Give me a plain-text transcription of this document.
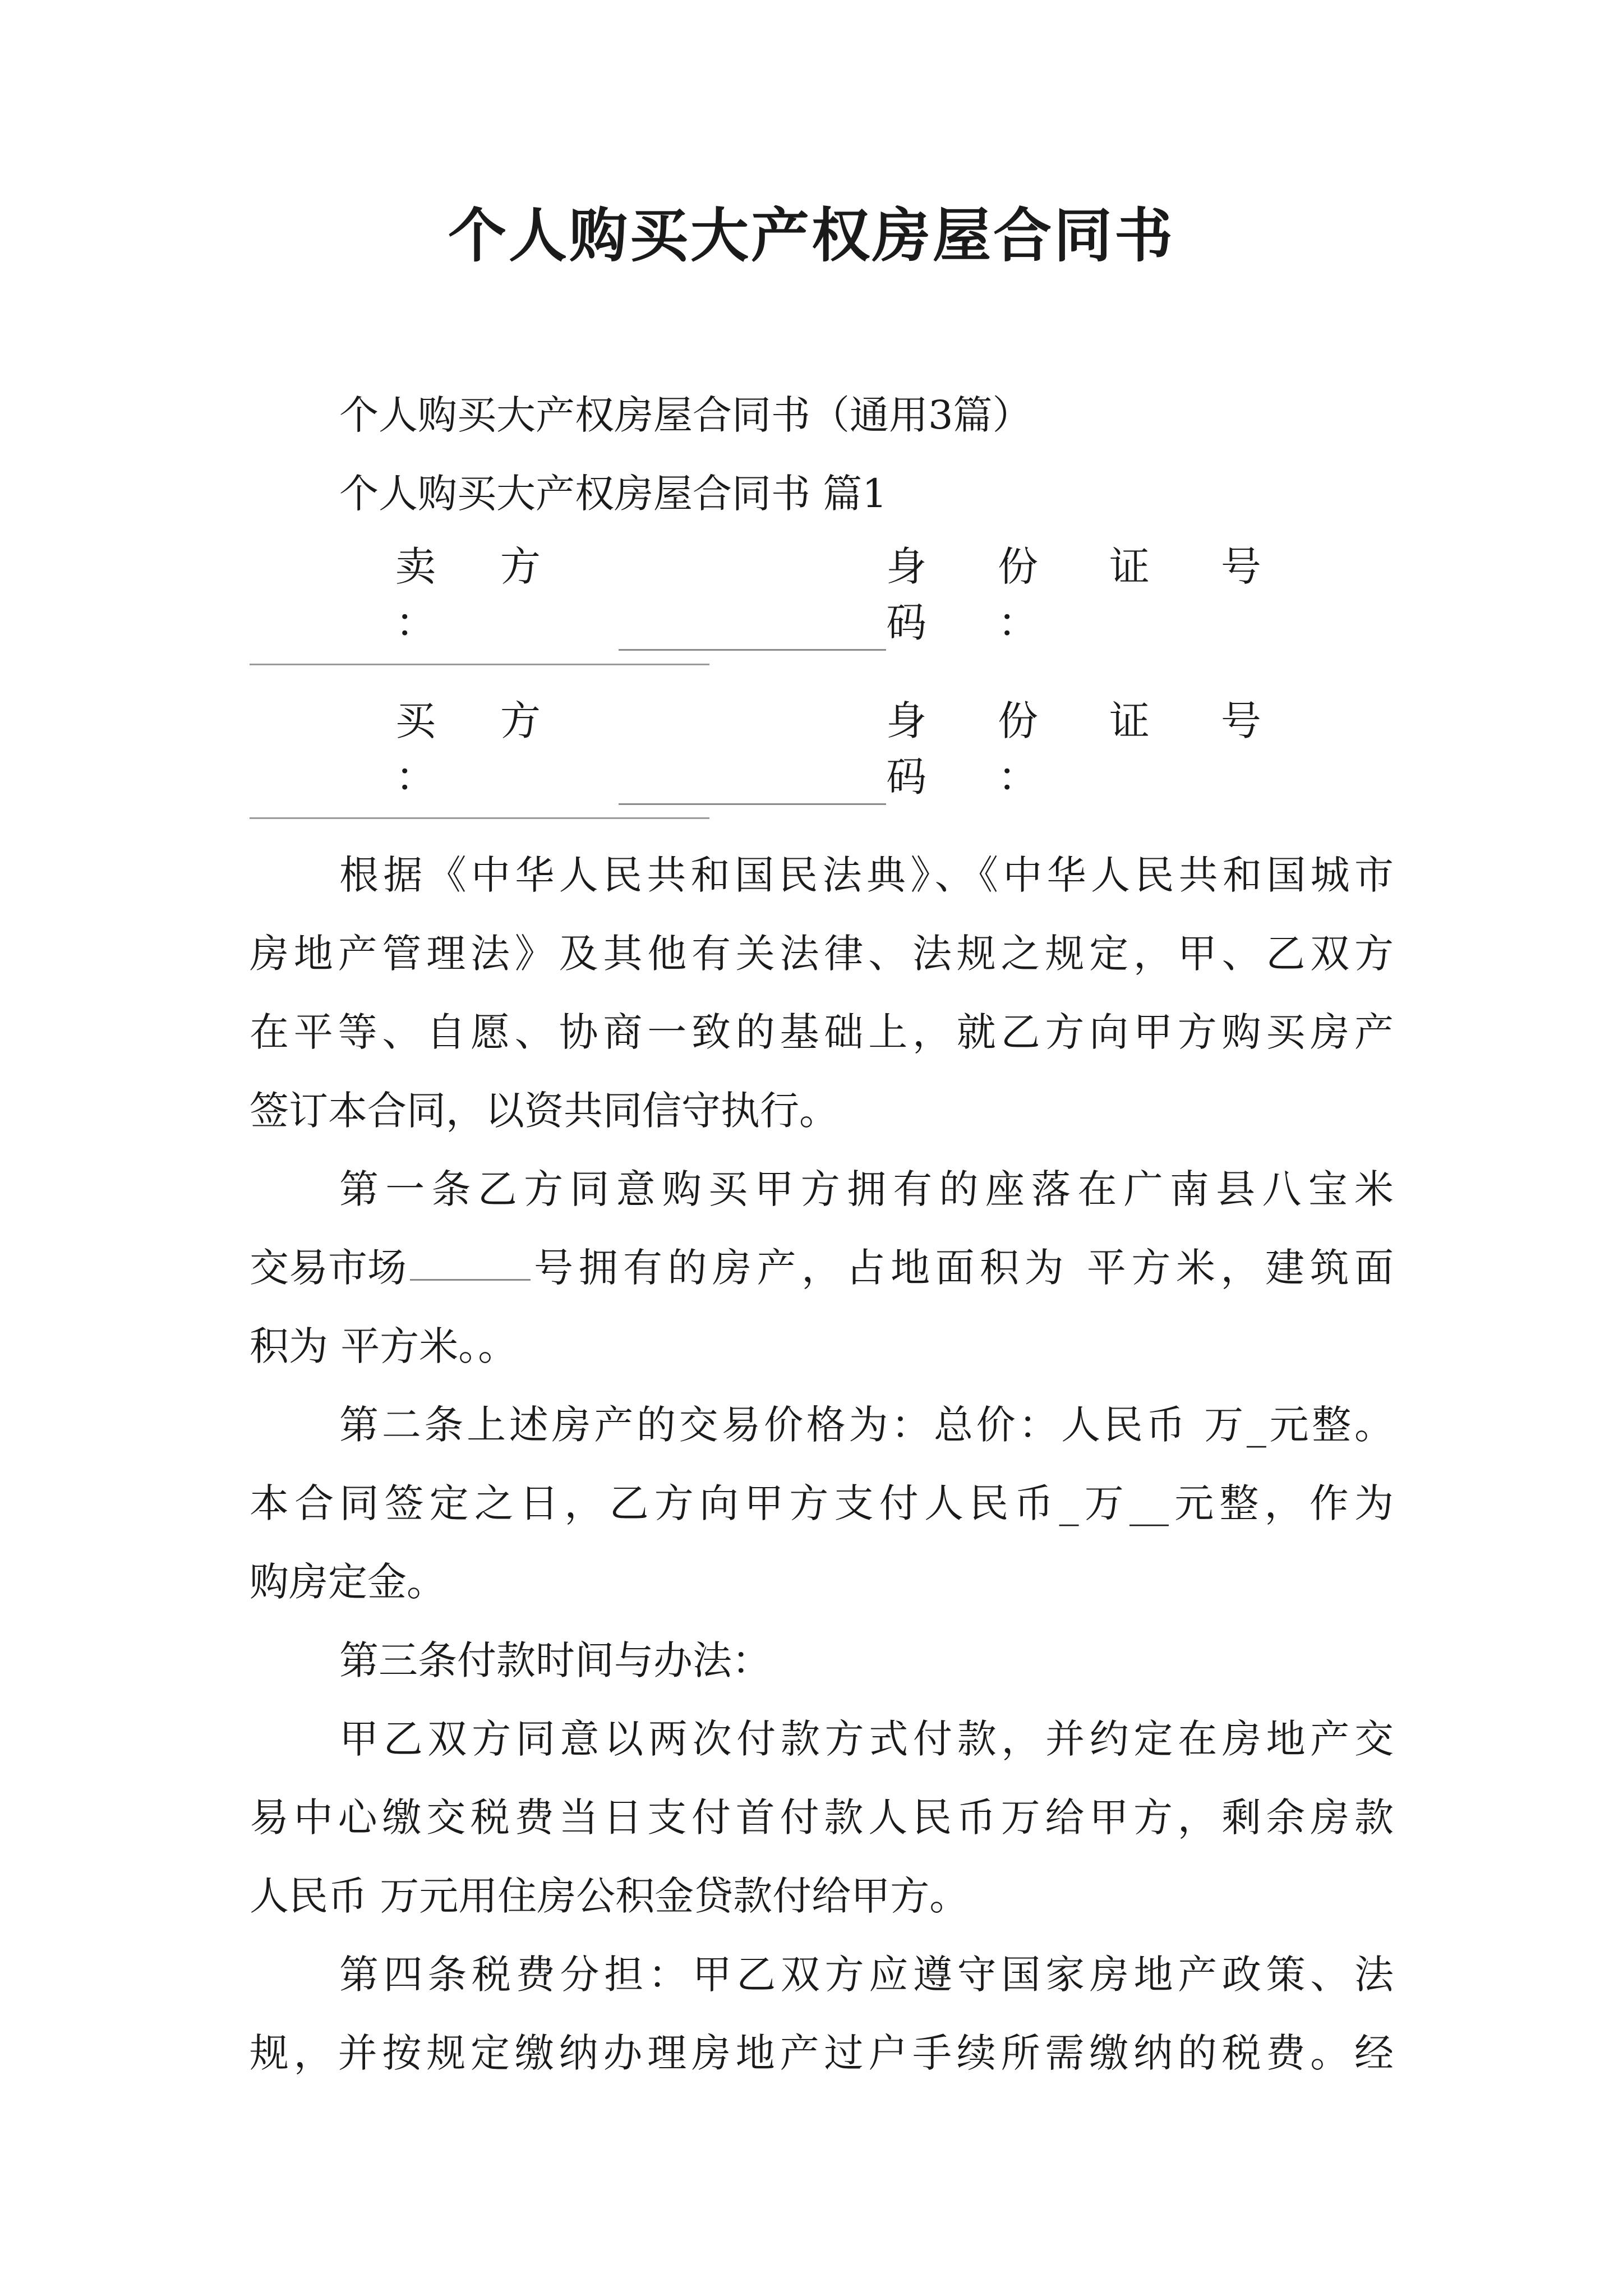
个人购买大产权房屋合同书
个人购买大产权房屋合同书（通用3篇）
个人购买大产权房屋合同书 篇1
卖 方 ：
身 份 证 号 码 ：
买 方 ：
身 份 证 号 码 ：
根据《中华人民共和国民法典》、《中华人民共和国城市
房地产管理法》及其他有关法律、法规之规定，甲、乙双方
在平等、自愿、协商一致的基础上，就乙方向甲方购买房产
签订本合同，以资共同信守执行。
第一条乙方同意购买甲方拥有的座落在广南县八宝米
交易市场	号拥有的房产，占地面积为 平方米，建筑面
积为 平方米。。
第二条上述房产的交易价格为：总价：人民币 万_元整。
本合同签定之日，乙方向甲方支付人民币_万__元整，作为
购房定金。
第三条付款时间与办法：
甲乙双方同意以两次付款方式付款，并约定在房地产交
易中心缴交税费当日支付首付款人民币万给甲方，剩余房款
人民币 万元用住房公积金贷款付给甲方。
第四条税费分担：甲乙双方应遵守国家房地产政策、法
规，并按规定缴纳办理房地产过户手续所需缴纳的税费。经
